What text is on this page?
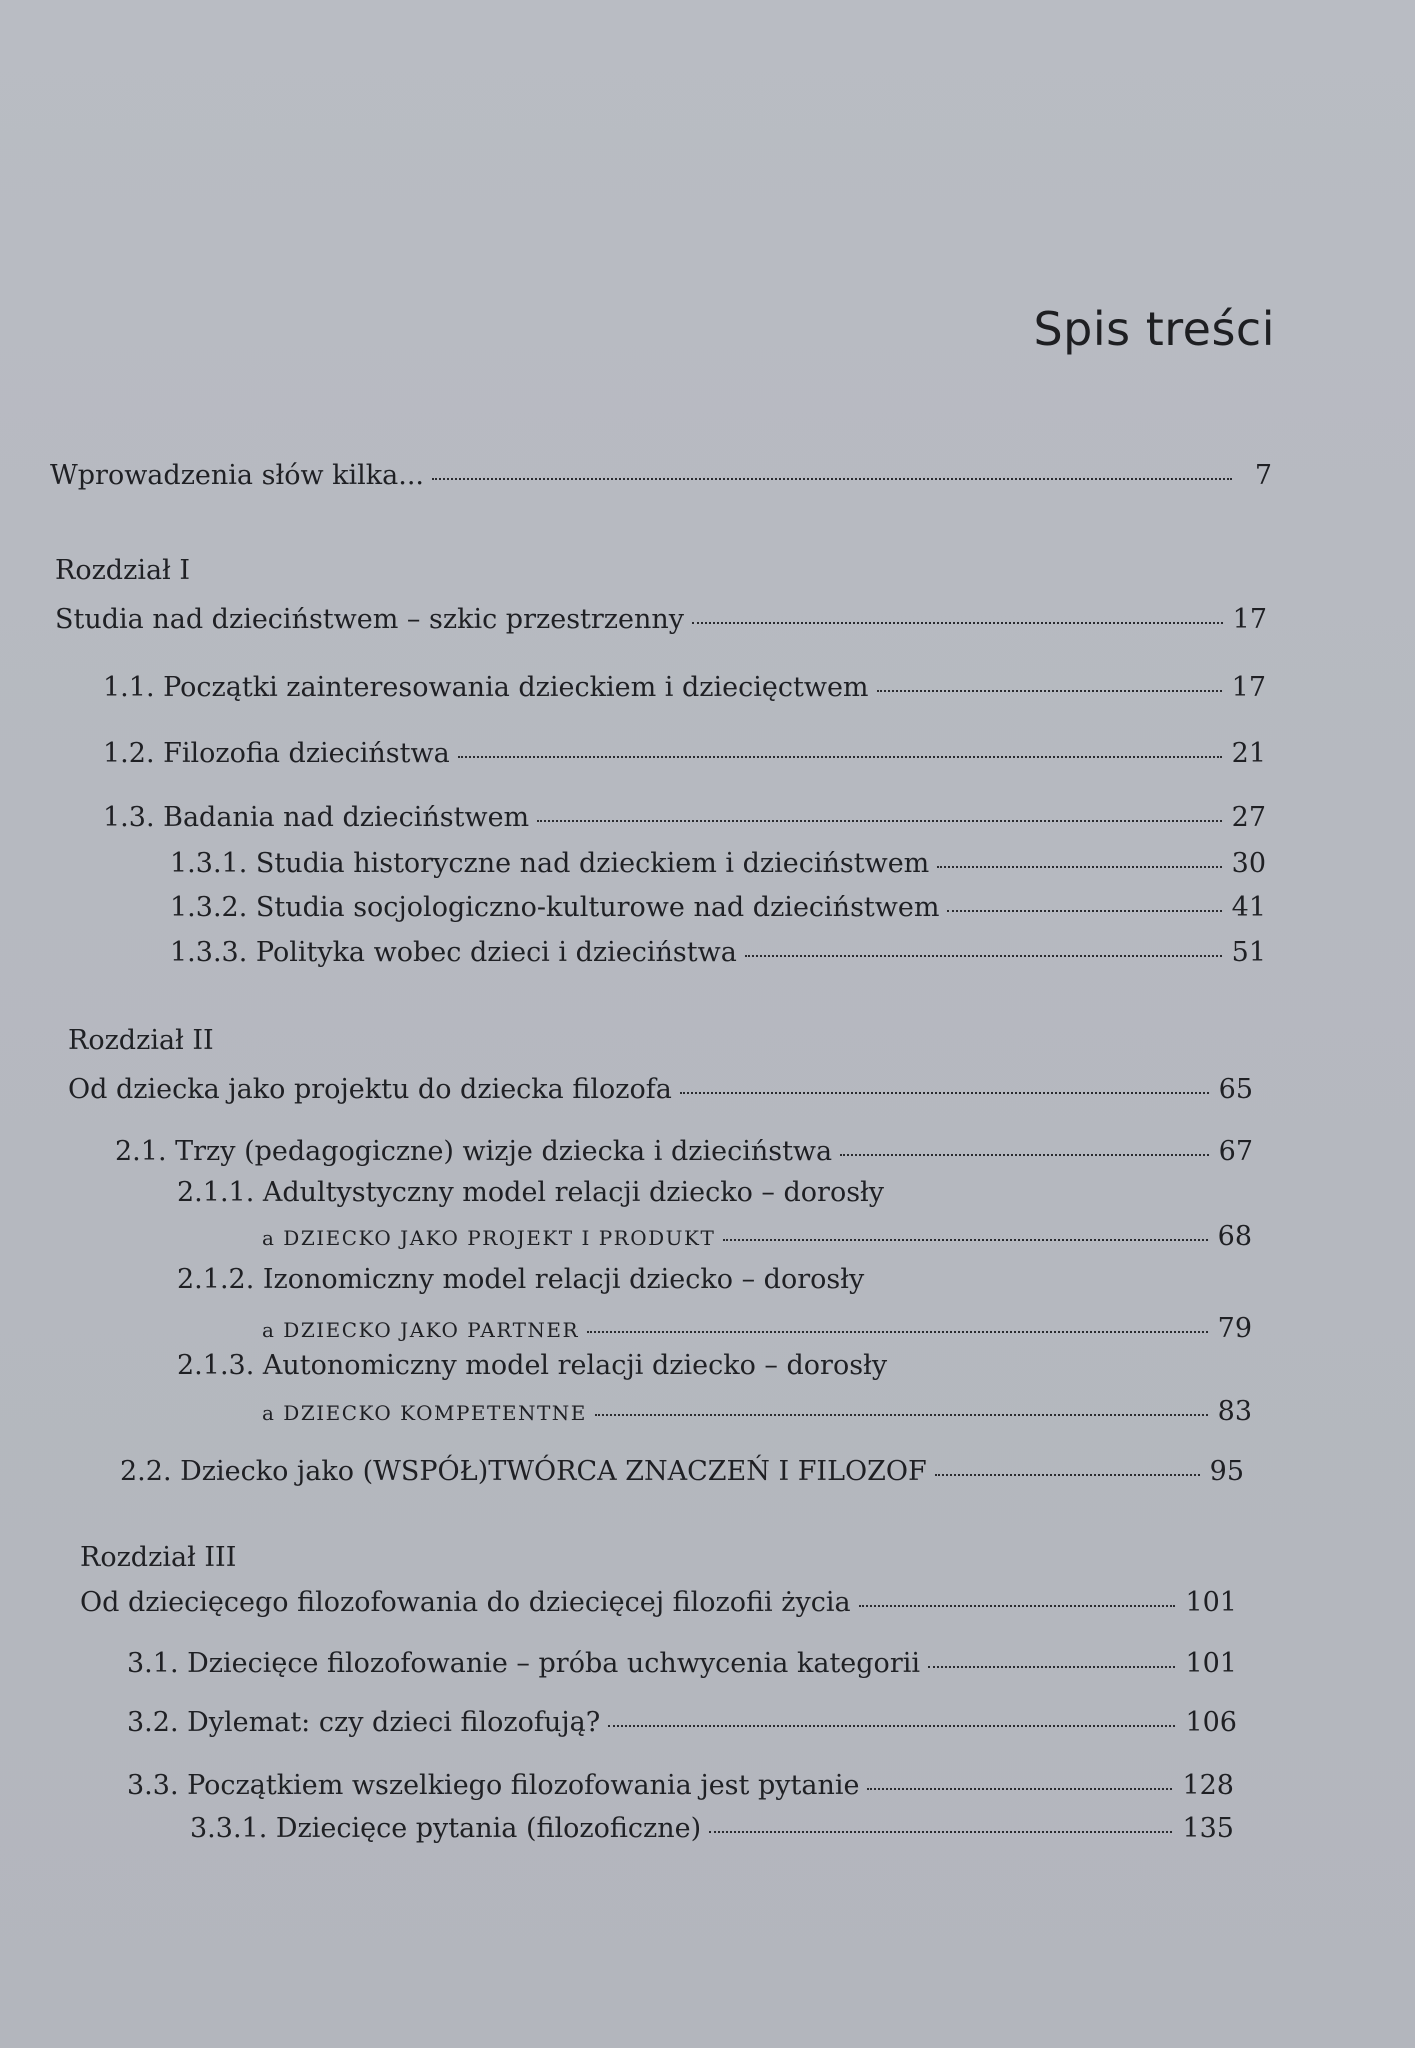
Spis treści
Wprowadzenia słów kilka...	7
Rozdział I
Studia nad dzieciństwem – szkic przestrzenny	17
1.1. Początki zainteresowania dzieckiem i dziecięctwem	17
1.2. Filozofia dzieciństwa	21
1.3. Badania nad dzieciństwem	27
1.3.1. Studia historyczne nad dzieckiem i dzieciństwem	30
1.3.2. Studia socjologiczno-kulturowe nad dzieciństwem	41
1.3.3. Polityka wobec dzieci i dzieciństwa	51
Rozdział II
Od dziecka jako projektu do dziecka filozofa	65
2.1. Trzy (pedagogiczne) wizje dziecka i dzieciństwa	67
2.1.1. Adultystyczny model relacji dziecko – dorosły
a DZIECKO JAKO PROJEKT I PRODUKT	68
2.1.2. Izonomiczny model relacji dziecko – dorosły
a DZIECKO JAKO PARTNER	79
2.1.3. Autonomiczny model relacji dziecko – dorosły
a DZIECKO KOMPETENTNE	83
2.2. Dziecko jako (WSPÓŁ)TWÓRCA ZNACZEŃ I FILOZOF	95
Rozdział III
Od dziecięcego filozofowania do dziecięcej filozofii życia	101
3.1. Dziecięce filozofowanie – próba uchwycenia kategorii	101
3.2. Dylemat: czy dzieci filozofują?	106
3.3. Początkiem wszelkiego filozofowania jest pytanie	128
3.3.1. Dziecięce pytania (filozoficzne)	135
